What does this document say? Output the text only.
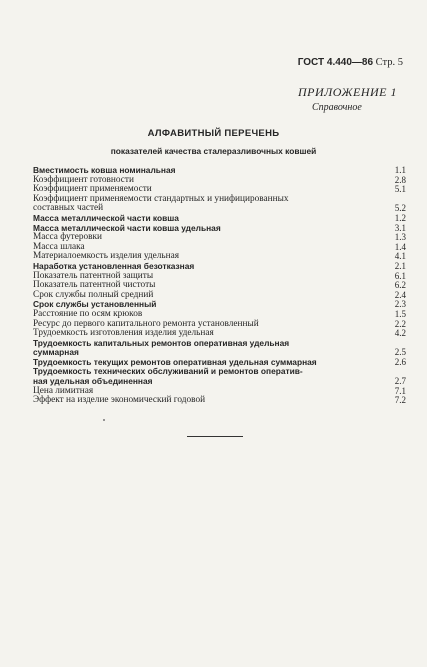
ГОСТ 4.440—86 Стр. 5
ПРИЛОЖЕНИЕ 1
Справочное
АЛФАВИТНЫЙ ПЕРЕЧЕНЬ
показателей качества сталеразливочных ковшей
Вместимость ковша номинальная	1.1
Коэффициент готовности	2.8
Коэффициент применяемости	5.1
Коэффициент применяемости стандартных и унифицированных
составных частей	5.2
Масса металлической части ковша	1.2
Масса металлической части ковша удельная	3.1
Масса футеровки	1.3
Масса шлака	1.4
Материалоемкость изделия удельная	4.1
Наработка установленная безотказная	2.1
Показатель патентной защиты	6.1
Показатель патентной чистоты	6.2
Срок службы полный средний	2.4
Срок службы установленный	2.3
Расстояние по осям крюков	1.5
Ресурс до первого капитального ремонта установленный	2.2
Трудоемкость изготовления изделия удельная	4.2
Трудоемкость капитальных ремонтов оперативная удельная
суммарная	2.5
Трудоемкость текущих ремонтов оперативная удельная суммарная	2.6
Трудоемкость технических обслуживаний и ремонтов оператив-
ная удельная объединенная	2.7
Цена лимитная	7.1
Эффект на изделие экономический годовой	7.2
